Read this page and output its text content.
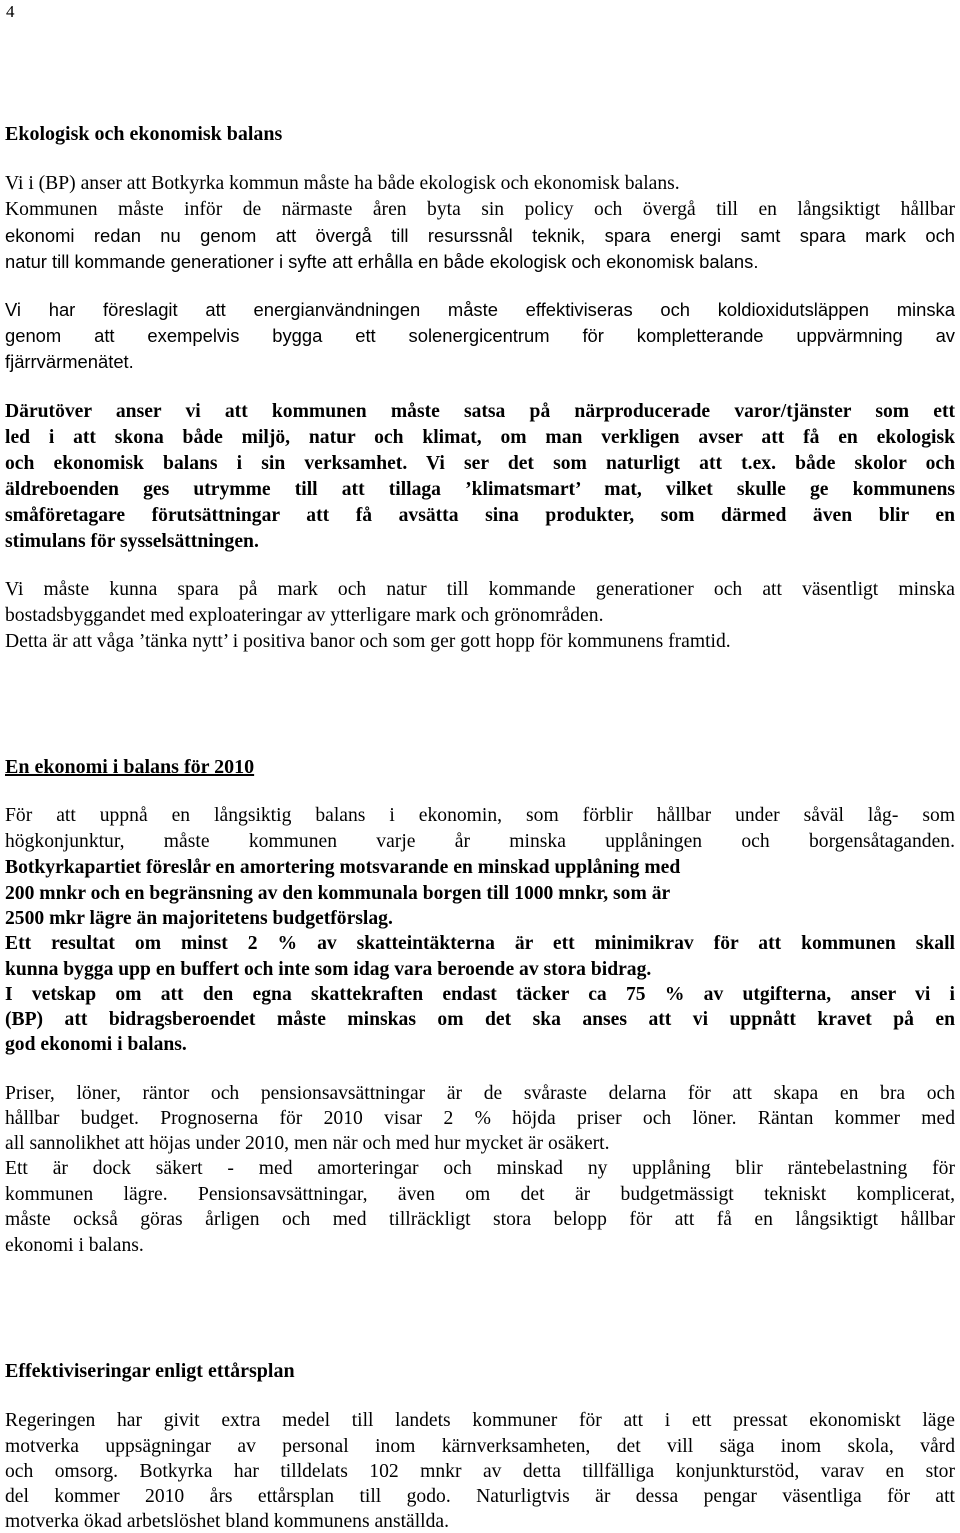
4
Ekologisk och ekonomisk balans
Vi i (BP) anser att Botkyrka kommun måste ha både ekologisk och ekonomisk balans.
Kommunen måste inför de närmaste åren byta sin policy och övergå till en långsiktigt hållbar
ekonomi redan nu genom att övergå till resurssnål teknik, spara energi samt spara mark och
natur till kommande generationer i syfte att erhålla en både ekologisk och ekonomisk balans.
Vi har föreslagit att energianvändningen måste effektiviseras och koldioxidutsläppen minska
genom att exempelvis bygga ett solenergicentrum för kompletterande uppvärmning av
fjärrvärmenätet.
Därutöver anser vi att kommunen måste satsa på närproducerade varor/tjänster som ett
led i att skona både miljö, natur och klimat, om man verkligen avser att få en ekologisk
och ekonomisk balans i sin verksamhet. Vi ser det som naturligt att t.ex. både skolor och
äldreboenden ges utrymme till att tillaga ’klimatsmart’ mat, vilket skulle ge kommunens
småföretagare förutsättningar att få avsätta sina produkter, som därmed även blir en
stimulans för sysselsättningen.
Vi måste kunna spara på mark och natur till kommande generationer och att väsentligt minska
bostadsbyggandet med exploateringar av ytterligare mark och grönområden.
Detta är att våga ’tänka nytt’ i positiva banor och som ger gott hopp för kommunens framtid.
En ekonomi i balans för 2010
För att uppnå en långsiktig balans i ekonomin, som förblir hållbar under såväl låg- som
högkonjunktur, måste kommunen varje år minska upplåningen och borgensåtaganden.
Botkyrkapartiet föreslår en amortering motsvarande en minskad upplåning med
200 mnkr och en begränsning av den kommunala borgen till 1000 mnkr, som är
2500 mkr lägre än majoritetens budgetförslag.
Ett resultat om minst 2 % av skatteintäkterna är ett minimikrav för att kommunen skall
kunna bygga upp en buffert och inte som idag vara beroende av stora bidrag.
I vetskap om att den egna skattekraften endast täcker ca 75 % av utgifterna, anser vi i
(BP) att bidragsberoendet måste minskas om det ska anses att vi uppnått kravet på en
god ekonomi i balans.
Priser, löner, räntor och pensionsavsättningar är de svåraste delarna för att skapa en bra och
hållbar budget. Prognoserna för 2010 visar 2 % höjda priser och löner. Räntan kommer med
all sannolikhet att höjas under 2010, men när och med hur mycket är osäkert.
Ett är dock säkert - med amorteringar och minskad ny upplåning blir räntebelastning för
kommunen lägre. Pensionsavsättningar, även om det är budgetmässigt tekniskt komplicerat,
måste också göras årligen och med tillräckligt stora belopp för att få en långsiktigt hållbar
ekonomi i balans.
Effektiviseringar enligt ettårsplan
Regeringen har givit extra medel till landets kommuner för att i ett pressat ekonomiskt läge
motverka uppsägningar av personal inom kärnverksamheten, det vill säga inom skola, vård
och omsorg. Botkyrka har tilldelats 102 mnkr av detta tillfälliga konjunkturstöd, varav en stor
del kommer 2010 års ettårsplan till godo. Naturligtvis är dessa pengar väsentliga för att
motverka ökad arbetslöshet bland kommunens anställda.
